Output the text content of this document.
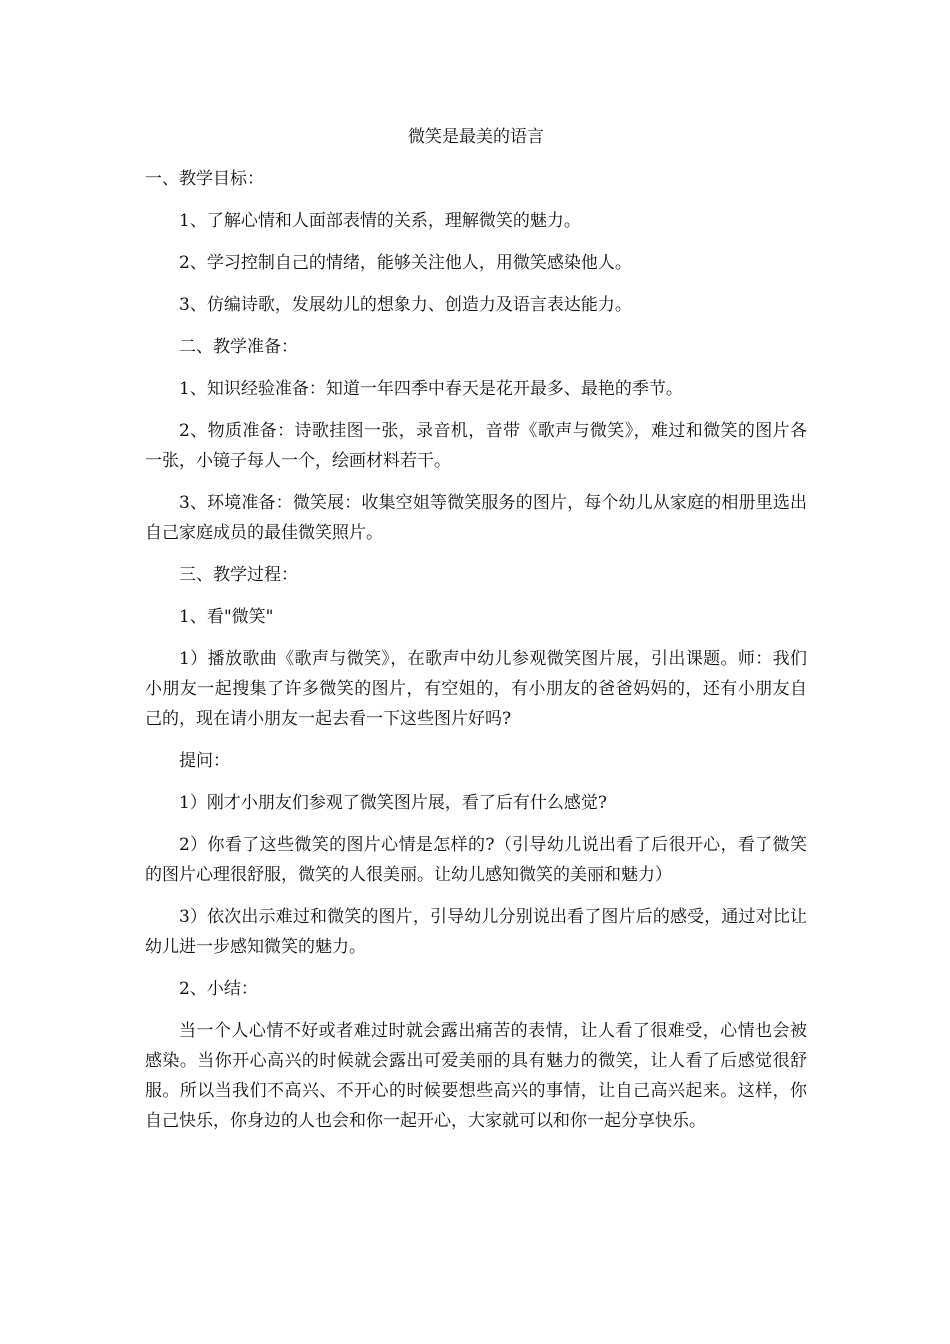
微笑是最美的语言

一、教学目标：

1、了解心情和人面部表情的关系，理解微笑的魅力。

2、学习控制自己的情绪，能够关注他人，用微笑感染他人。

3、仿编诗歌，发展幼儿的想象力、创造力及语言表达能力。

二、教学准备：

1、知识经验准备：知道一年四季中春天是花开最多、最艳的季节。

2、物质准备：诗歌挂图一张，录音机，音带《歌声与微笑》，难过和微笑的图片各一张，小镜子每人一个，绘画材料若干。

3、环境准备：微笑展：收集空姐等微笑服务的图片，每个幼儿从家庭的相册里选出自己家庭成员的最佳微笑照片。

三、教学过程：

1、看"微笑"

1）播放歌曲《歌声与微笑》，在歌声中幼儿参观微笑图片展，引出课题。师：我们小朋友一起搜集了许多微笑的图片，有空姐的，有小朋友的爸爸妈妈的，还有小朋友自己的，现在请小朋友一起去看一下这些图片好吗?

提问：

1）刚才小朋友们参观了微笑图片展，看了后有什么感觉?

2）你看了这些微笑的图片心情是怎样的?（引导幼儿说出看了后很开心，看了微笑的图片心理很舒服，微笑的人很美丽。让幼儿感知微笑的美丽和魅力）

3）依次出示难过和微笑的图片，引导幼儿分别说出看了图片后的感受，通过对比让幼儿进一步感知微笑的魅力。

2、小结：

当一个人心情不好或者难过时就会露出痛苦的表情，让人看了很难受，心情也会被感染。当你开心高兴的时候就会露出可爱美丽的具有魅力的微笑，让人看了后感觉很舒服。所以当我们不高兴、不开心的时候要想些高兴的事情，让自己高兴起来。这样，你自己快乐，你身边的人也会和你一起开心，大家就可以和你一起分享快乐。
